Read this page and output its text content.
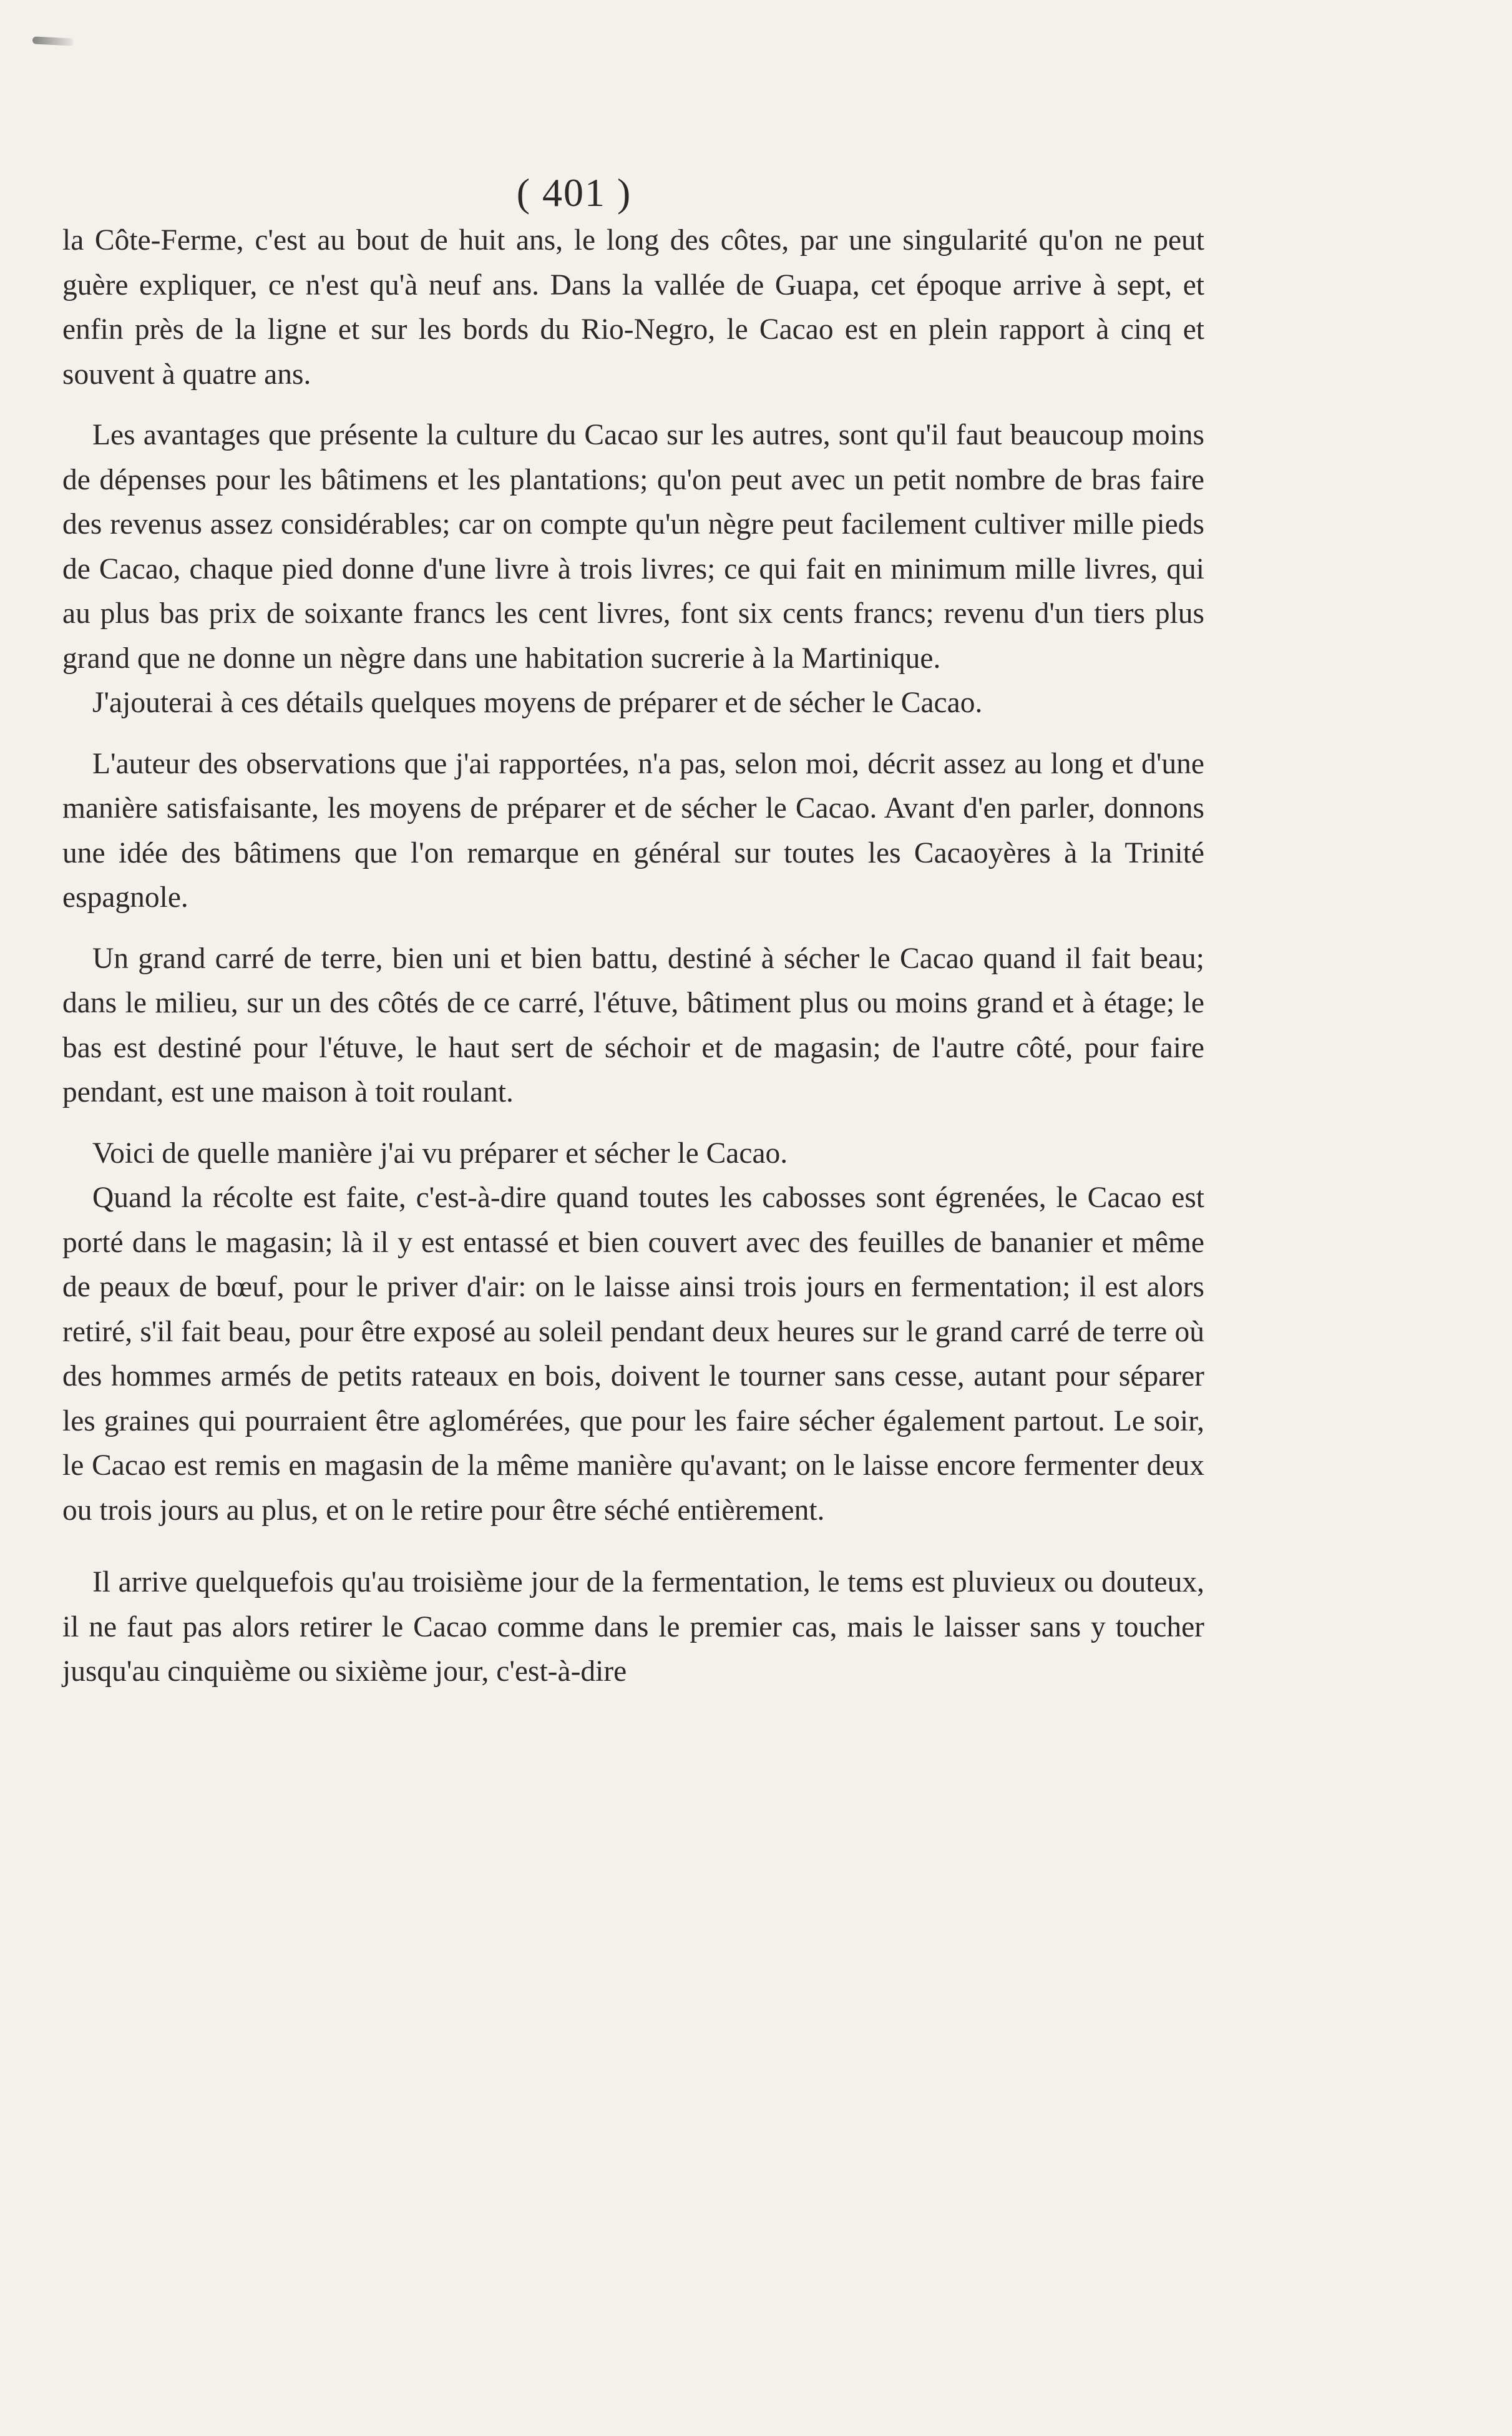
( 401 )

la Côte-Ferme, c'est au bout de huit ans, le long des côtes, par une singularité qu'on ne peut guère expliquer, ce n'est qu'à neuf ans. Dans la vallée de Guapa, cet époque arrive à sept, et enfin près de la ligne et sur les bords du Rio-Negro, le Cacao est en plein rapport à cinq et souvent à quatre ans.

Les avantages que présente la culture du Cacao sur les autres, sont qu'il faut beaucoup moins de dépenses pour les bâtimens et les plantations; qu'on peut avec un petit nombre de bras faire des revenus assez considérables; car on compte qu'un nègre peut facilement cultiver mille pieds de Cacao, chaque pied donne d'une livre à trois livres; ce qui fait en minimum mille livres, qui au plus bas prix de soixante francs les cent livres, font six cents francs; revenu d'un tiers plus grand que ne donne un nègre dans une habitation sucrerie à la Martinique.

J'ajouterai à ces détails quelques moyens de préparer et de sécher le Cacao.

L'auteur des observations que j'ai rapportées, n'a pas, selon moi, décrit assez au long et d'une manière satisfaisante, les moyens de préparer et de sécher le Cacao. Avant d'en parler, donnons une idée des bâtimens que l'on remarque en général sur toutes les Cacaoyères à la Trinité espagnole.

Un grand carré de terre, bien uni et bien battu, destiné à sécher le Cacao quand il fait beau; dans le milieu, sur un des côtés de ce carré, l'étuve, bâtiment plus ou moins grand et à étage; le bas est destiné pour l'étuve, le haut sert de séchoir et de magasin; de l'autre côté, pour faire pendant, est une maison à toit roulant.

Voici de quelle manière j'ai vu préparer et sécher le Cacao.

Quand la récolte est faite, c'est-à-dire quand toutes les cabosses sont égrenées, le Cacao est porté dans le magasin; là il y est entassé et bien couvert avec des feuilles de bananier et même de peaux de bœuf, pour le priver d'air: on le laisse ainsi trois jours en fermentation; il est alors retiré, s'il fait beau, pour être exposé au soleil pendant deux heures sur le grand carré de terre où des hommes armés de petits rateaux en bois, doivent le tourner sans cesse, autant pour séparer les graines qui pourraient être aglomérées, que pour les faire sécher également partout. Le soir, le Cacao est remis en magasin de la même manière qu'avant; on le laisse encore fermenter deux ou trois jours au plus, et on le retire pour être séché entièrement.

Il arrive quelquefois qu'au troisième jour de la fermentation, le tems est pluvieux ou douteux, il ne faut pas alors retirer le Cacao comme dans le premier cas, mais le laisser sans y toucher jusqu'au cinquième ou sixième jour, c'est-à-dire
